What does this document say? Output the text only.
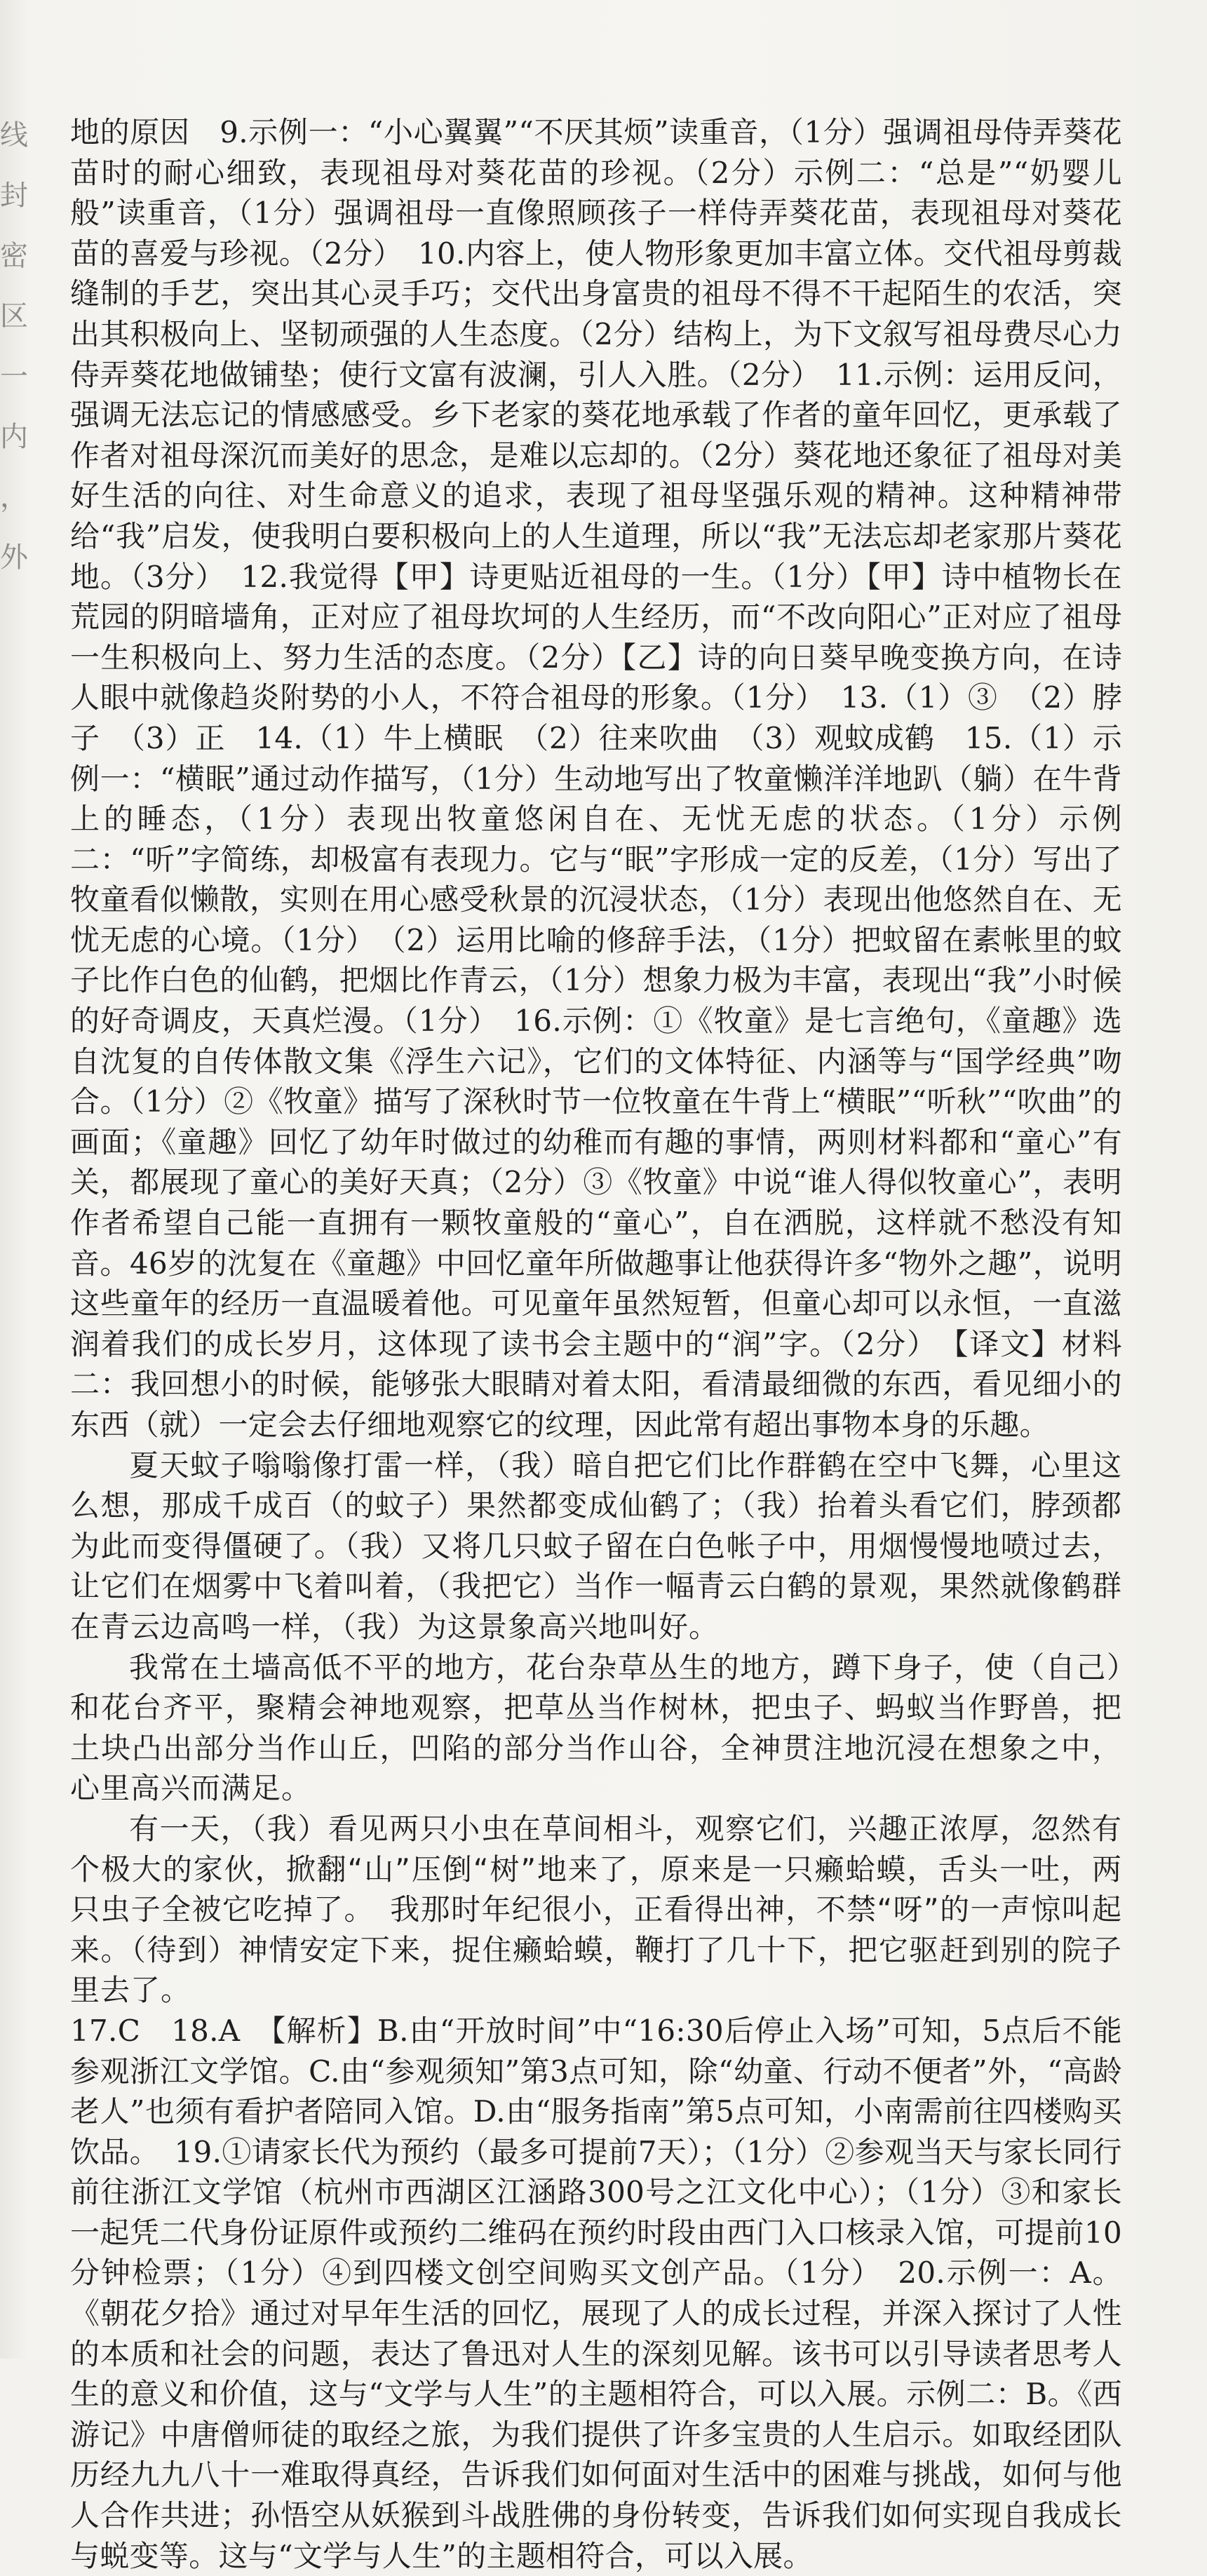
线封密区 一 内 ， 外

地的原因　9.示例一：“小心翼翼”“不厌其烦”读重音，（1分）强调祖母侍弄葵花苗时的耐心细致，表现祖母对葵花苗的珍视。（2分）示例二：“总是”“奶婴儿般”读重音，（1分）强调祖母一直像照顾孩子一样侍弄葵花苗，表现祖母对葵花苗的喜爱与珍视。（2分）　10.内容上，使人物形象更加丰富立体。交代祖母剪裁缝制的手艺，突出其心灵手巧；交代出身富贵的祖母不得不干起陌生的农活，突出其积极向上、坚韧顽强的人生态度。（2分）结构上，为下文叙写祖母费尽心力侍弄葵花地做铺垫；使行文富有波澜，引人入胜。（2分）　11.示例：运用反问，强调无法忘记的情感感受。乡下老家的葵花地承载了作者的童年回忆，更承载了作者对祖母深沉而美好的思念，是难以忘却的。（2分）葵花地还象征了祖母对美好生活的向往、对生命意义的追求，表现了祖母坚强乐观的精神。这种精神带给“我”启发，使我明白要积极向上的人生道理，所以“我”无法忘却老家那片葵花地。（3分）　12.我觉得【甲】诗更贴近祖母的一生。（1分）【甲】诗中植物长在荒园的阴暗墙角，正对应了祖母坎坷的人生经历，而“不改向阳心”正对应了祖母一生积极向上、努力生活的态度。（2分）【乙】诗的向日葵早晚变换方向，在诗人眼中就像趋炎附势的小人，不符合祖母的形象。（1分）　13.（1）③　（2）脖子　（3）正　14.（1）牛上横眠　（2）往来吹曲　（3）观蚊成鹤　15.（1）示例一：“横眠”通过动作描写，（1分）生动地写出了牧童懒洋洋地趴（躺）在牛背上的睡态，（1分）表现出牧童悠闲自在、无忧无虑的状态。（1分）示例二：“听”字简练，却极富有表现力。它与“眠”字形成一定的反差，（1分）写出了牧童看似懒散，实则在用心感受秋景的沉浸状态，（1分）表现出他悠然自在、无忧无虑的心境。（1分）　（2）运用比喻的修辞手法，（1分）把蚊留在素帐里的蚊子比作白色的仙鹤，把烟比作青云，（1分）想象力极为丰富，表现出“我”小时候的好奇调皮，天真烂漫。（1分）　16.示例：①《牧童》是七言绝句，《童趣》选自沈复的自传体散文集《浮生六记》，它们的文体特征、内涵等与“国学经典”吻合。（1分）②《牧童》描写了深秋时节一位牧童在牛背上“横眠”“听秋”“吹曲”的画面；《童趣》回忆了幼年时做过的幼稚而有趣的事情，两则材料都和“童心”有关，都展现了童心的美好天真；（2分）③《牧童》中说“谁人得似牧童心”，表明作者希望自己能一直拥有一颗牧童般的“童心”，自在洒脱，这样就不愁没有知音。46岁的沈复在《童趣》中回忆童年所做趣事让他获得许多“物外之趣”，说明这些童年的经历一直温暖着他。可见童年虽然短暂，但童心却可以永恒，一直滋润着我们的成长岁月，这体现了读书会主题中的“润”字。（2分）　【译文】材料二：我回想小的时候，能够张大眼睛对着太阳，看清最细微的东西，看见细小的东西（就）一定会去仔细地观察它的纹理，因此常有超出事物本身的乐趣。

夏天蚊子嗡嗡像打雷一样，（我）暗自把它们比作群鹤在空中飞舞，心里这么想，那成千成百（的蚊子）果然都变成仙鹤了；（我）抬着头看它们，脖颈都为此而变得僵硬了。（我）又将几只蚊子留在白色帐子中，用烟慢慢地喷过去，让它们在烟雾中飞着叫着，（我把它）当作一幅青云白鹤的景观，果然就像鹤群在青云边高鸣一样，（我）为这景象高兴地叫好。

我常在土墙高低不平的地方，花台杂草丛生的地方，蹲下身子，使（自己）和花台齐平，聚精会神地观察，把草丛当作树林，把虫子、蚂蚁当作野兽，把土块凸出部分当作山丘，凹陷的部分当作山谷，全神贯注地沉浸在想象之中，心里高兴而满足。

有一天，（我）看见两只小虫在草间相斗，观察它们，兴趣正浓厚，忽然有个极大的家伙，掀翻“山”压倒“树”地来了，原来是一只癞蛤蟆，舌头一吐，两只虫子全被它吃掉了。　我那时年纪很小，正看得出神，不禁“呀”的一声惊叫起来。（待到）神情安定下来，捉住癞蛤蟆，鞭打了几十下，把它驱赶到别的院子里去了。

17.C　18.A　【解析】B.由“开放时间”中“16:30后停止入场”可知，5点后不能参观浙江文学馆。C.由“参观须知”第3点可知，除“幼童、行动不便者”外，“高龄老人”也须有看护者陪同入馆。D.由“服务指南”第5点可知，小南需前往四楼购买饮品。　19.①请家长代为预约（最多可提前7天）；（1分）②参观当天与家长同行前往浙江文学馆（杭州市西湖区江涵路300号之江文化中心）；（1分）③和家长一起凭二代身份证原件或预约二维码在预约时段由西门入口核录入馆，可提前10分钟检票；（1分）④到四楼文创空间购买文创产品。（1分）　20.示例一：A。《朝花夕拾》通过对早年生活的回忆，展现了人的成长过程，并深入探讨了人性的本质和社会的问题，表达了鲁迅对人生的深刻见解。该书可以引导读者思考人生的意义和价值，这与“文学与人生”的主题相符合，可以入展。示例二：B。《西游记》中唐僧师徒的取经之旅，为我们提供了许多宝贵的人生启示。如取经团队历经九九八十一难取得真经，告诉我们如何面对生活中的困难与挑战，如何与他人合作共进；孙悟空从妖猴到斗战胜佛的身份转变，告诉我们如何实现自我成长与蜕变等。这与“文学与人生”的主题相符合，可以入展。
